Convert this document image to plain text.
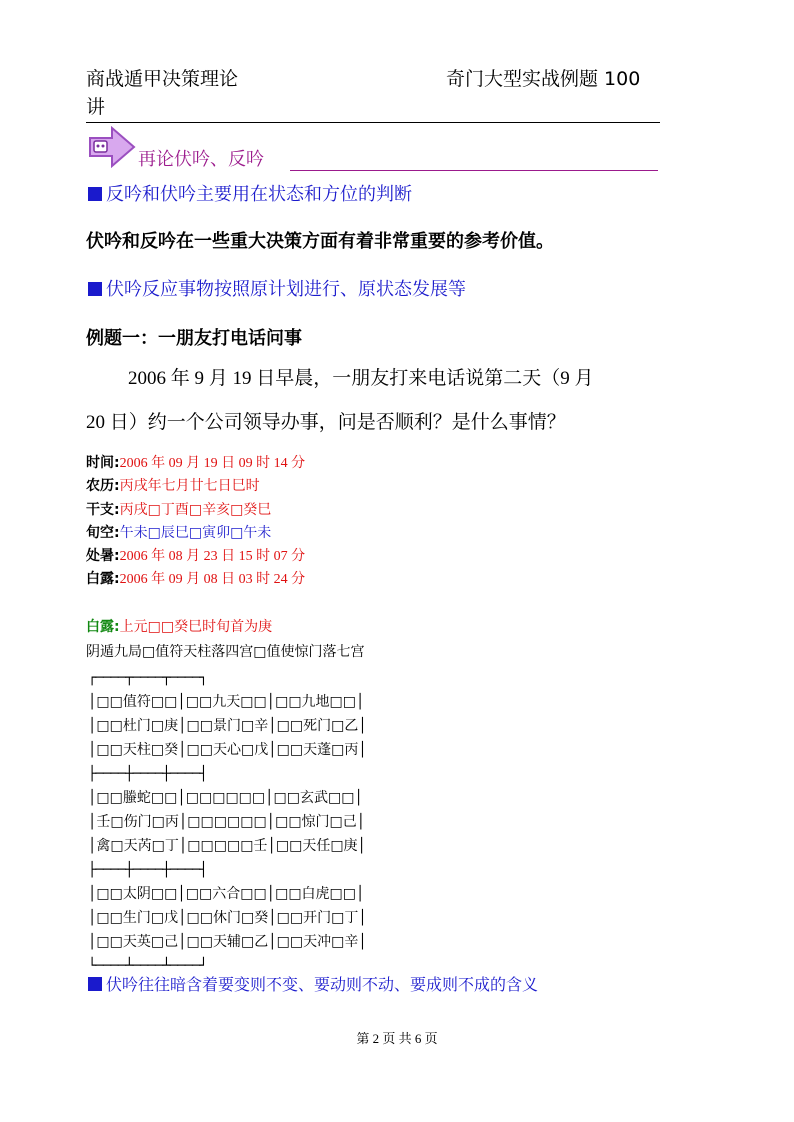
商战遁甲决策理论
讲
奇门大型实战例题 100
再论伏吟、反吟
反吟和伏吟主要用在状态和方位的判断
伏吟和反吟在一些重大决策方面有着非常重要的参考价值。
伏吟反应事物按照原计划进行、原状态发展等
例题一：一朋友打电话问事
2006 年 9 月 19 日早晨，一朋友打来电话说第二天（9 月
20 日）约一个公司领导办事，问是否顺利？是什么事情？
时间:2006 年 09 月 19 日 09 时 14 分
农历:丙戌年七月廿七日巳时
干支:丙戌□丁酉□辛亥□癸巳
旬空:午未□辰巳□寅卯□午未
处暑:2006 年 08 月 23 日 15 时 07 分
白露:2006 年 09 月 08 日 03 时 24 分
白露:上元□□癸巳时旬首为庚
阴遁九局□值符天柱落四宫□值使惊门落七宫
┌────┬────┬────┐
│□□值符□□│□□九天□□│□□九地□□│
│□□杜门□庚│□□景门□辛│□□死门□乙│
│□□天柱□癸│□□天心□戊│□□天蓬□丙│
├────┼────┼────┤
│□□螣蛇□□│□□□□□□│□□玄武□□│
│壬□伤门□丙│□□□□□□│□□惊门□己│
│禽□天芮□丁│□□□□□壬│□□天任□庚│
├────┼────┼────┤
│□□太阴□□│□□六合□□│□□白虎□□│
│□□生门□戊│□□休门□癸│□□开门□丁│
│□□天英□己│□□天辅□乙│□□天冲□辛│
└────┴────┴────┘
伏吟往往暗含着要变则不变、要动则不动、要成则不成的含义
第 2 页 共 6 页
